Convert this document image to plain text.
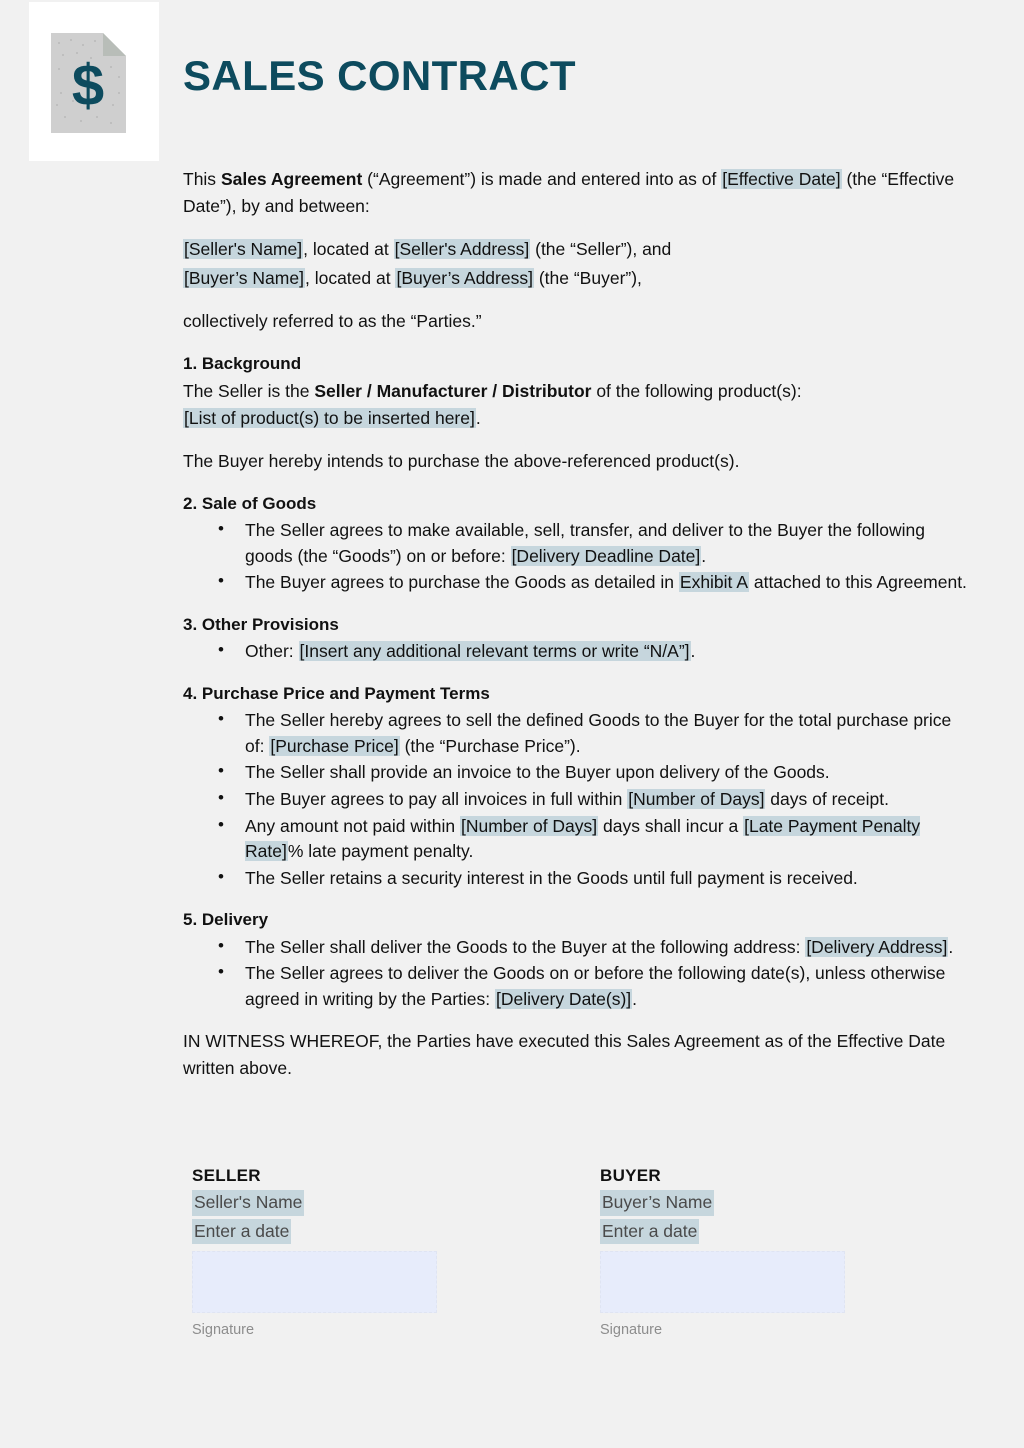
$ SALES CONTRACT

This Sales Agreement (“Agreement”) is made and entered into as of [Effective Date] (the “Effective Date”), by and between:

[Seller's Name], located at [Seller's Address] (the “Seller”), and

[Buyer’s Name], located at [Buyer’s Address] (the “Buyer”),

collectively referred to as the “Parties.”

1. Background

The Seller is the Seller / Manufacturer / Distributor of the following product(s):
[List of product(s) to be inserted here].

The Buyer hereby intends to purchase the above-referenced product(s).

2. Sale of Goods
• The Seller agrees to make available, sell, transfer, and deliver to the Buyer the following goods (the “Goods”) on or before: [Delivery Deadline Date].
• The Buyer agrees to purchase the Goods as detailed in Exhibit A attached to this Agreement.
3. Other Provisions
• Other: [Insert any additional relevant terms or write “N/A”].
4. Purchase Price and Payment Terms
• The Seller hereby agrees to sell the defined Goods to the Buyer for the total purchase price of: [Purchase Price] (the “Purchase Price”).
• The Seller shall provide an invoice to the Buyer upon delivery of the Goods.
• The Buyer agrees to pay all invoices in full within [Number of Days] days of receipt.
• Any amount not paid within [Number of Days] days shall incur a [Late Payment Penalty Rate]% late payment penalty.
• The Seller retains a security interest in the Goods until full payment is received.
5. Delivery
• The Seller shall deliver the Goods to the Buyer at the following address: [Delivery Address].
• The Seller agrees to deliver the Goods on or before the following date(s), unless otherwise agreed in writing by the Parties: [Delivery Date(s)].

IN WITNESS WHEREOF, the Parties have executed this Sales Agreement as of the Effective Date written above.

SELLER
Seller's Name
Enter a date
Signature
BUYER
Buyer’s Name
Enter a date
Signature
